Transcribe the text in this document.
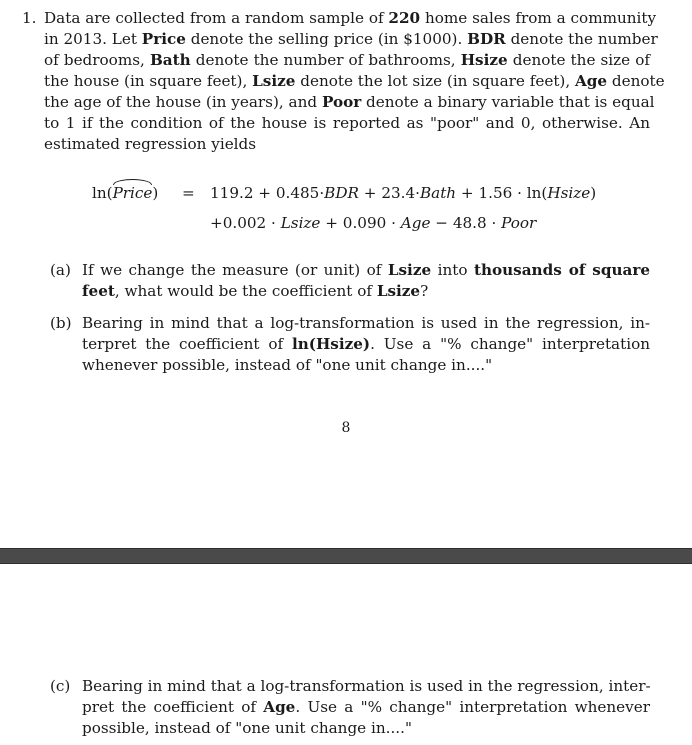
1. Data are collected from a random sample of 220 home sales from a community
in 2013. Let Price denote the selling price (in $1000). BDR denote the number
of bedrooms, Bath denote the number of bathrooms, Hsize denote the size of
the house (in square feet), Lsize denote the lot size (in square feet), Age denote
the age of the house (in years), and Poor denote a binary variable that is equal
to 1 if the condition of the house is reported as "poor" and 0, otherwise. An
estimated regression yields
ln(Price) = 119.2 + 0.485·BDR + 23.4·Bath + 1.56 · ln(Hsize)
+0.002 · Lsize + 0.090 · Age − 48.8 · Poor
(a) If we change the measure (or unit) of Lsize into thousands of square
feet, what would be the coefficient of Lsize?
(b) Bearing in mind that a log-transformation is used in the regression, in-
terpret the coefficient of ln(Hsize). Use a "% change" interpretation
whenever possible, instead of "one unit change in...."
8
(c) Bearing in mind that a log-transformation is used in the regression, inter-
pret the coefficient of Age. Use a "% change" interpretation whenever
possible, instead of "one unit change in...."
